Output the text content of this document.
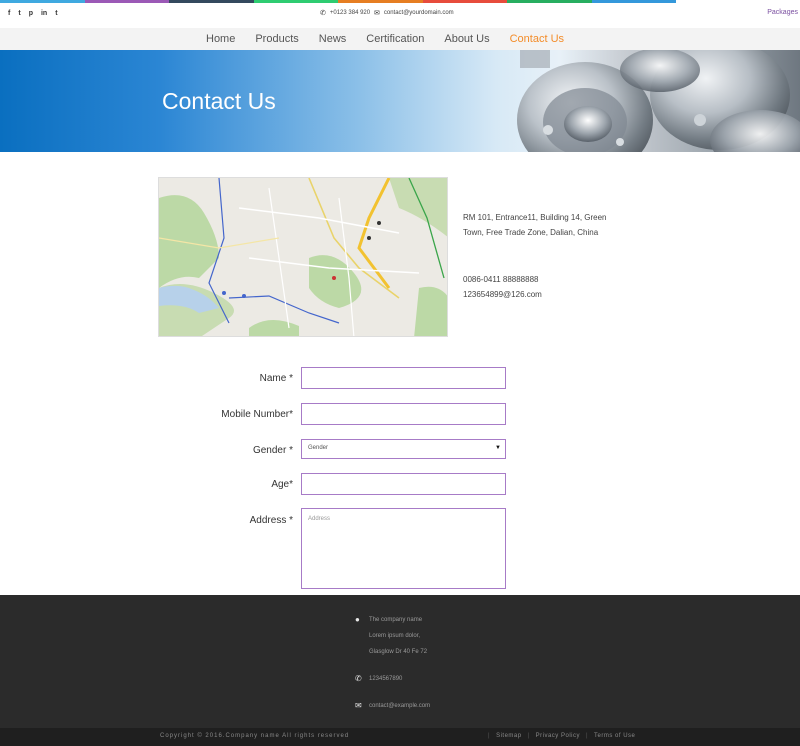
f t p in t	✆ +0123 384 920 ✉ contact@yourdomain.com	Packages
Home	Products	News	Certification	About Us	Contact Us
Contact Us
RM 101, Entrance11, Building 14, Green
Town, Free Trade Zone, Dalian, China
0086-0411 88888888
123654899@126.com
Name *
Mobile Number*
Gender *	Gender	▼
Age*
Address *	Address
●	The company name
Lorem ipsum dolor,
Glasglow Dr 40 Fe 72
✆	1234567890
✉	contact@example.com
Copyright © 2016.Company name All rights reserved	|	Sitemap	|	Privacy Policy	|	Terms of Use
